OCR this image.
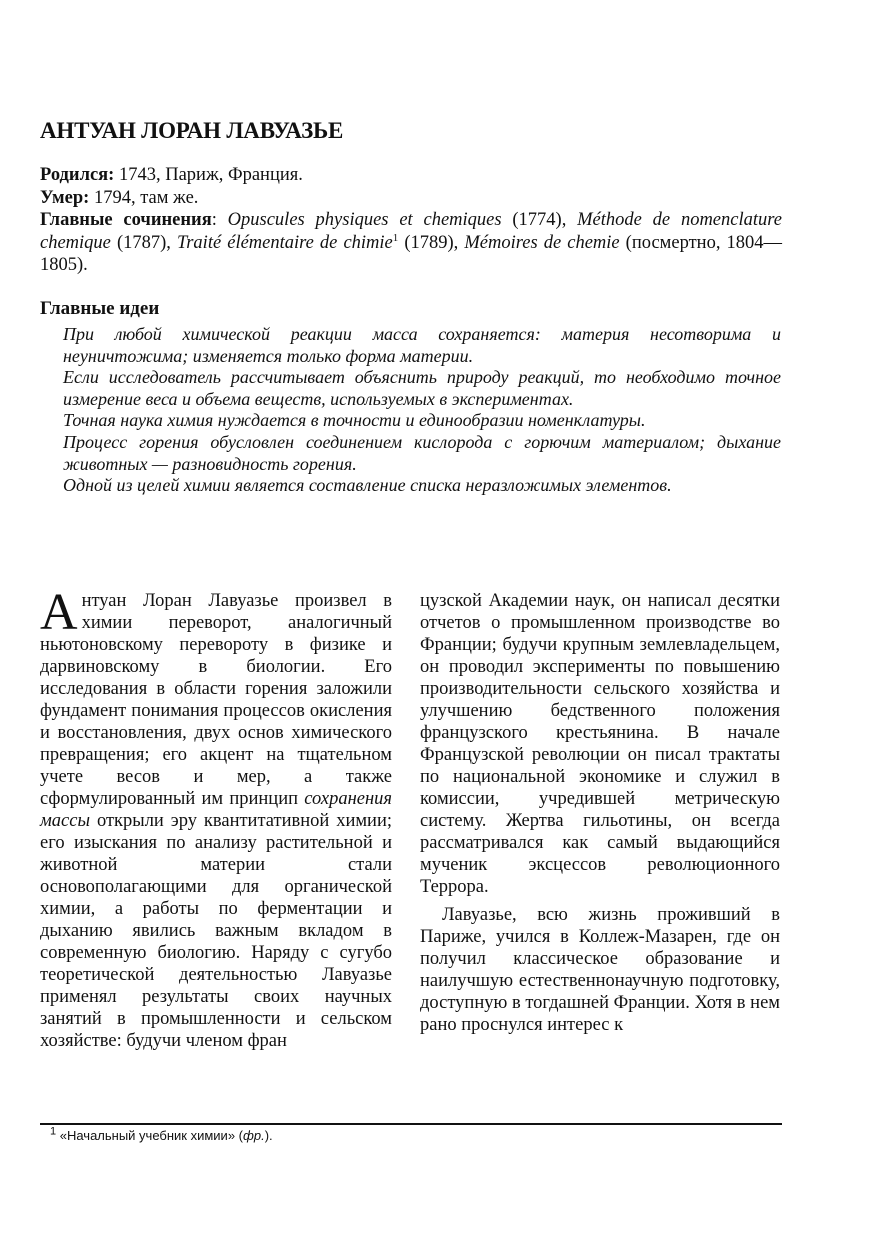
АНТУАН ЛОРАН ЛАВУАЗЬЕ

Родился: 1743, Париж, Франция.

Умер: 1794, там же.

Главные сочинения: Opuscules physiques et chemiques (1774), Méthode de nomenclature chemique (1787), Traité élémentaire de chimie$^1$ (1789), Mémoires de chemie (посмертно, 1804—1805).

Главные идеи

При любой химической реакции масса сохраняется: материя несотворима и неуничтожима; изменяется только форма материи.

Если исследователь рассчитывает объяснить природу реакций, то необходимо точное измерение веса и объема веществ, используемых в экспериментах.

Точная наука химия нуждается в точности и единообразии номенклатуры.

Процесс горения обусловлен соединением кислорода с горючим материалом; дыхание животных — разновидность горения.

Одной из целей химии является составление списка неразложимых элементов.

Антуан Лоран Лавуазье произвел в химии переворот, аналогичный ньютоновскому перевороту в физике и дарвиновскому в биологии. Его исследования в области горения заложили фундамент понимания процессов окисления и восстановления, двух основ химического превращения; его акцент на тщательном учете весов и мер, а также сформулированный им принцип сохранения массы открыли эру квантитативной химии; его изыскания по анализу растительной и животной материи стали основополагающими для органической химии, а работы по ферментации и дыханию явились важным вкладом в современную биологию. Наряду с сугубо теоретической деятельностью Лавуазье применял результаты своих научных занятий в промышленности и сельском хозяйстве: будучи членом фран

цузской Академии наук, он написал десятки отчетов о промышленном производстве во Франции; будучи крупным землевладельцем, он проводил эксперименты по повышению производительности сельского хозяйства и улучшению бедственного положения французского крестьянина. В начале Французской революции он писал трактаты по национальной экономике и служил в комиссии, учредившей метрическую систему. Жертва гильотины, он всегда рассматривался как самый выдающийся мученик эксцессов революционного Террора.

Лавуазье, всю жизнь проживший в Париже, учился в Коллеж-Мазарен, где он получил классическое образование и наилучшую естественнонаучную подготовку, доступную в тогдашней Франции. Хотя в нем рано проснулся интерес к

$^1$ «Начальный учебник химии» (фр.).
